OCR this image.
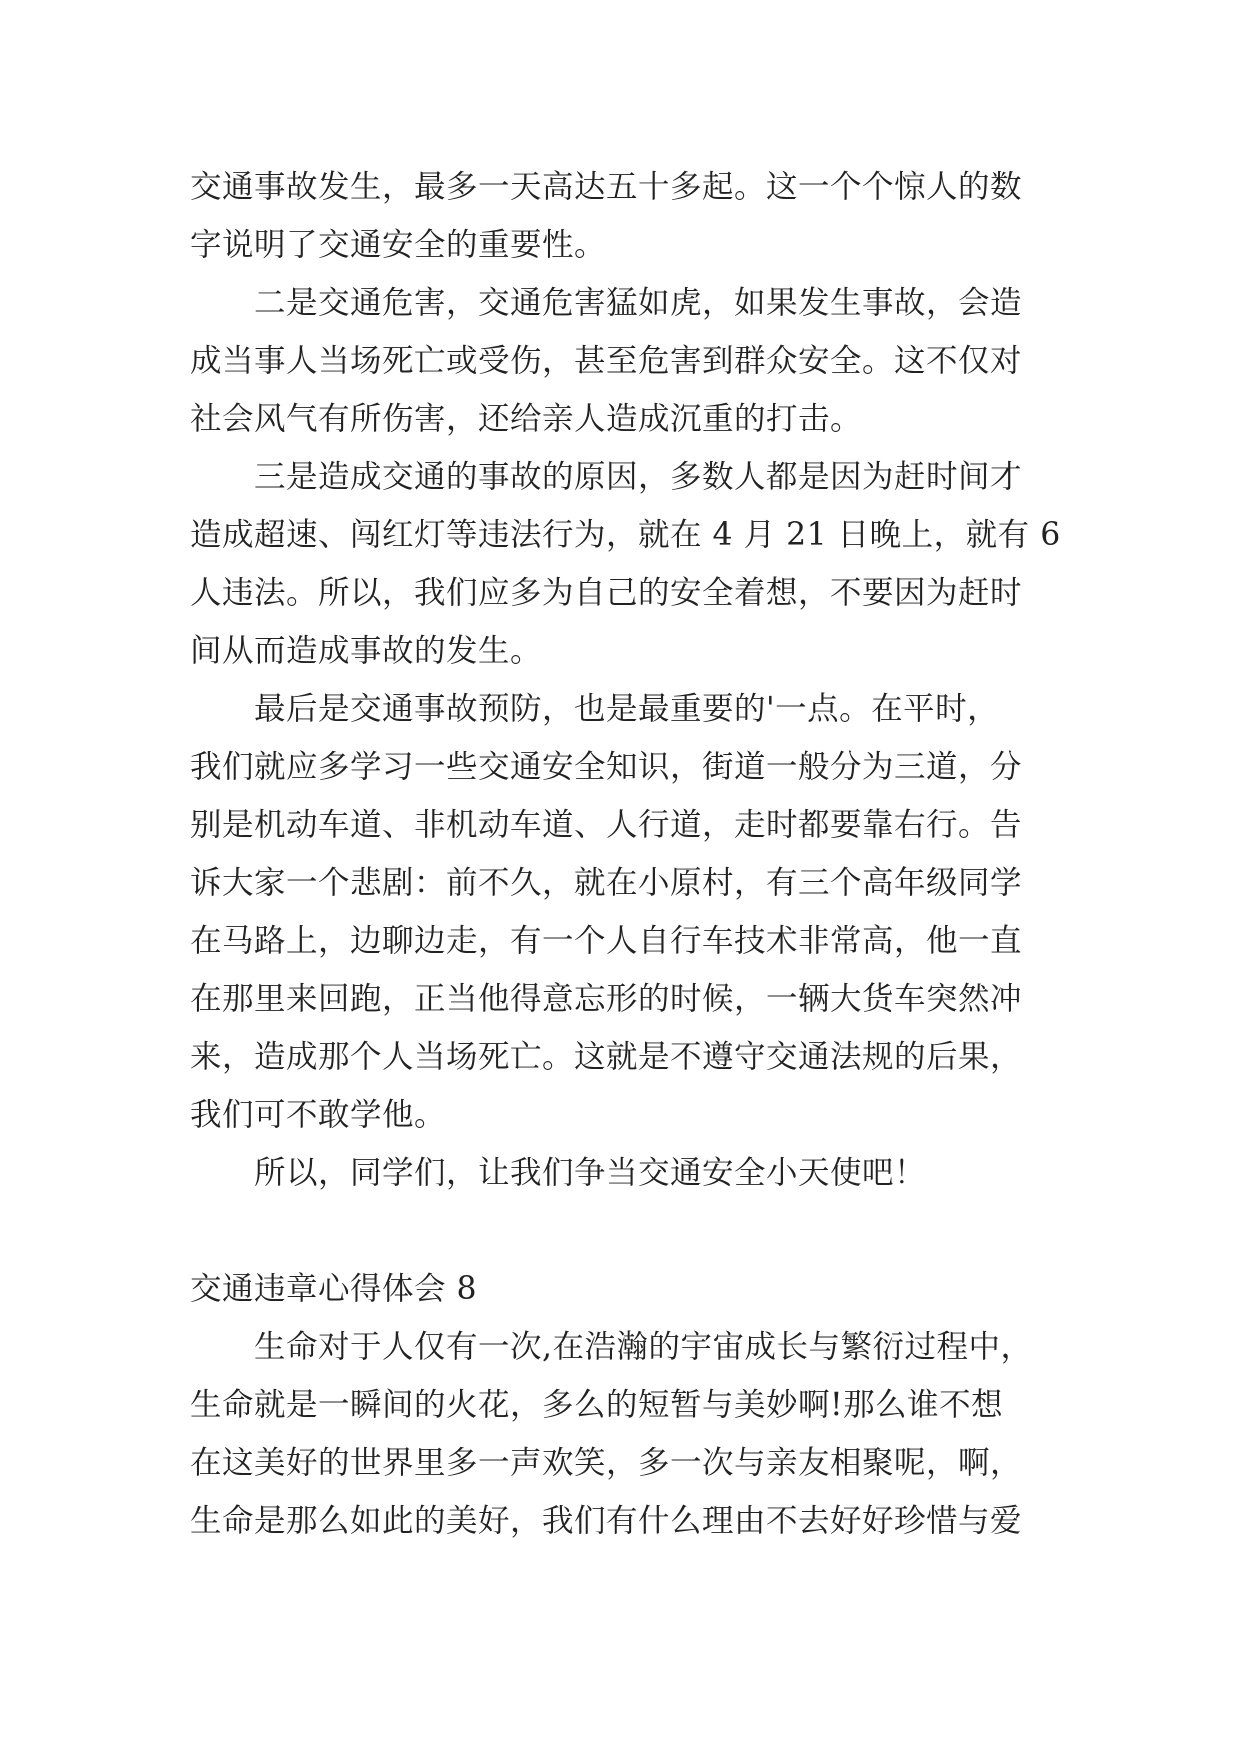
交通事故发生，最多一天高达五十多起。这一个个惊人的数
字说明了交通安全的重要性。
二是交通危害，交通危害猛如虎，如果发生事故，会造
成当事人当场死亡或受伤，甚至危害到群众安全。这不仅对
社会风气有所伤害，还给亲人造成沉重的打击。
三是造成交通的事故的原因，多数人都是因为赶时间才
造成超速、闯红灯等违法行为，就在 4 月 21 日晚上，就有 6
人违法。所以，我们应多为自己的安全着想，不要因为赶时
间从而造成事故的发生。
最后是交通事故预防，也是最重要的'一点。在平时，
我们就应多学习一些交通安全知识，街道一般分为三道，分
别是机动车道、非机动车道、人行道，走时都要靠右行。告
诉大家一个悲剧：前不久，就在小原村，有三个高年级同学
在马路上，边聊边走，有一个人自行车技术非常高，他一直
在那里来回跑，正当他得意忘形的时候，一辆大货车突然冲
来，造成那个人当场死亡。这就是不遵守交通法规的后果，
我们可不敢学他。
所以，同学们，让我们争当交通安全小天使吧！
交通违章心得体会 8
生命对于人仅有一次,在浩瀚的宇宙成长与繁衍过程中，
生命就是一瞬间的火花，多么的短暂与美妙啊!那么谁不想
在这美好的世界里多一声欢笑，多一次与亲友相聚呢，啊，
生命是那么如此的美好，我们有什么理由不去好好珍惜与爱
